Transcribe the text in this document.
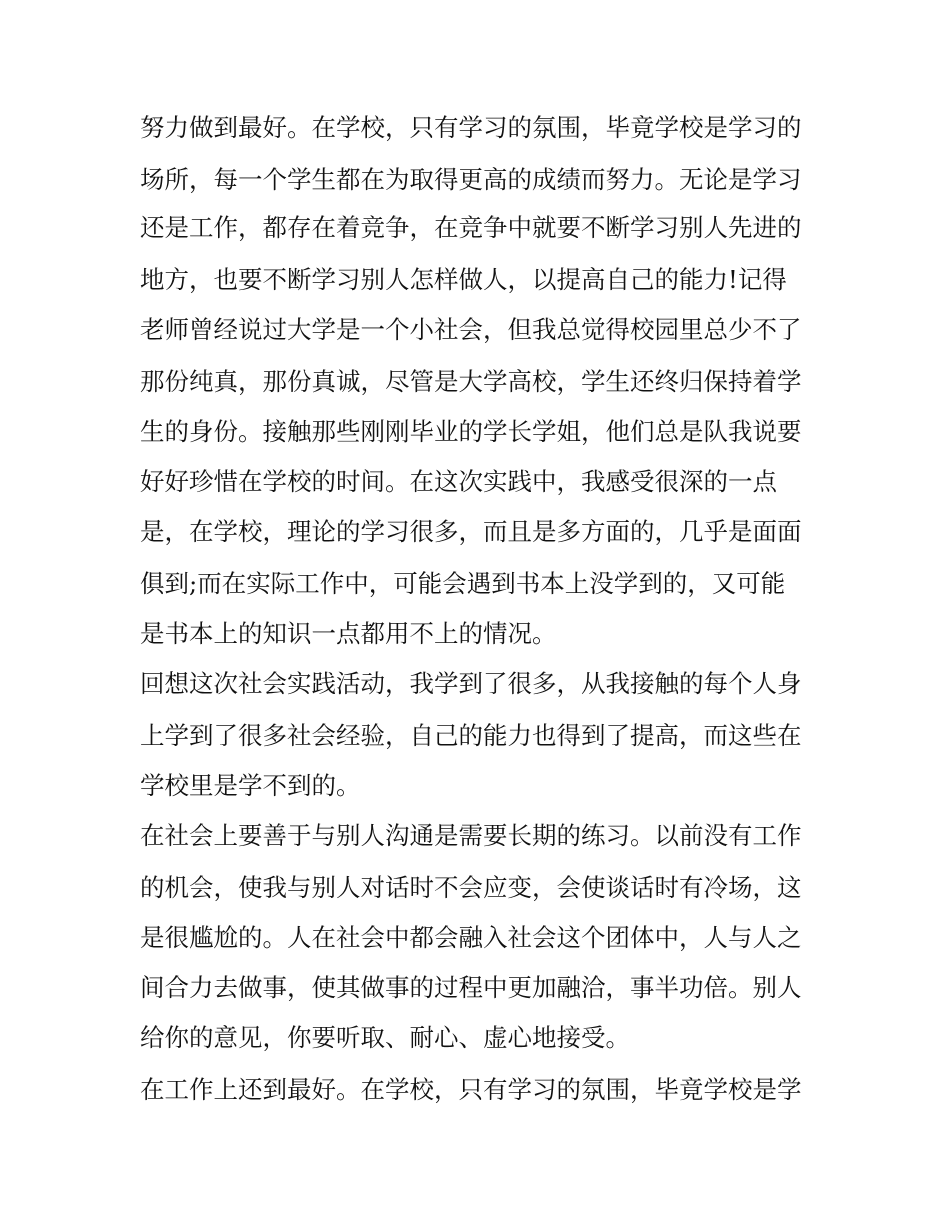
努力做到最好。在学校，只有学习的氛围，毕竟学校是学习的
场所，每一个学生都在为取得更高的成绩而努力。无论是学习
还是工作，都存在着竞争，在竞争中就要不断学习别人先进的
地方，也要不断学习别人怎样做人，以提高自己的能力!记得
老师曾经说过大学是一个小社会，但我总觉得校园里总少不了
那份纯真，那份真诚，尽管是大学高校，学生还终归保持着学
生的身份。接触那些刚刚毕业的学长学姐，他们总是队我说要
好好珍惜在学校的时间。在这次实践中，我感受很深的一点
是，在学校，理论的学习很多，而且是多方面的，几乎是面面
俱到;而在实际工作中，可能会遇到书本上没学到的，又可能
是书本上的知识一点都用不上的情况。
回想这次社会实践活动，我学到了很多，从我接触的每个人身
上学到了很多社会经验，自己的能力也得到了提高，而这些在
学校里是学不到的。
在社会上要善于与别人沟通是需要长期的练习。以前没有工作
的机会，使我与别人对话时不会应变，会使谈话时有冷场，这
是很尴尬的。人在社会中都会融入社会这个团体中，人与人之
间合力去做事，使其做事的过程中更加融洽，事半功倍。别人
给你的意见，你要听取、耐心、虚心地接受。
在工作上还到最好。在学校，只有学习的氛围，毕竟学校是学
